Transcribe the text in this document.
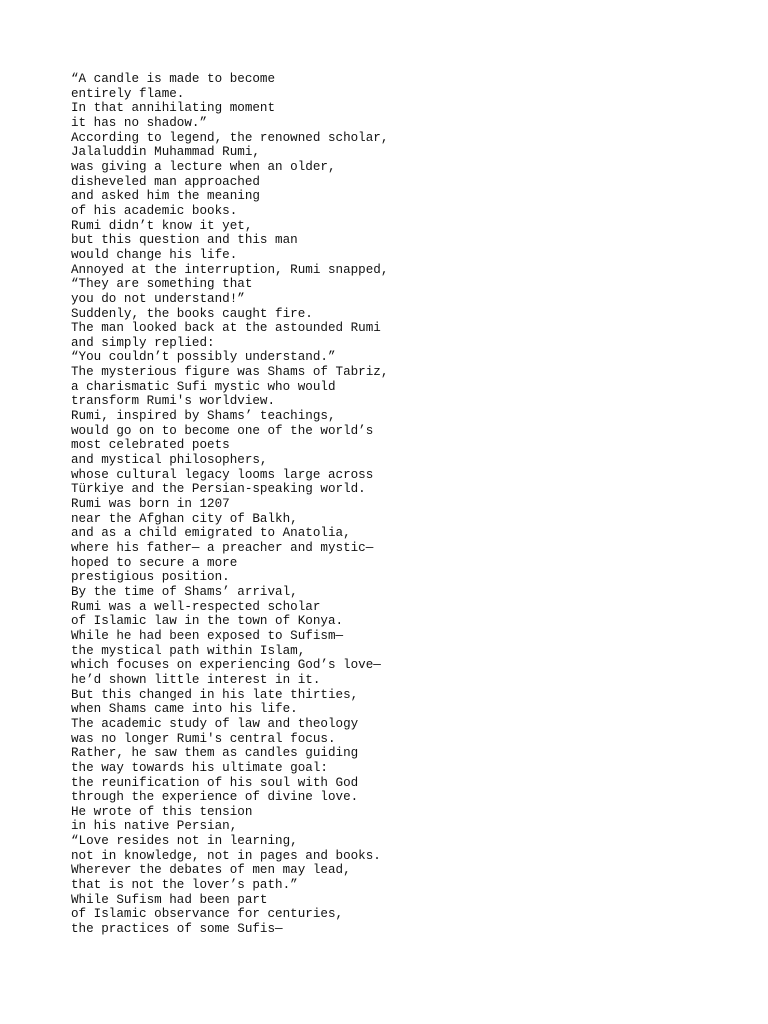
“A candle is made to become
entirely flame.
In that annihilating moment
it has no shadow.”
According to legend, the renowned scholar,
Jalaluddin Muhammad Rumi,
was giving a lecture when an older,
disheveled man approached
and asked him the meaning
of his academic books.
Rumi didn’t know it yet,
but this question and this man
would change his life.
Annoyed at the interruption, Rumi snapped,
“They are something that
you do not understand!”
Suddenly, the books caught fire.
The man looked back at the astounded Rumi
and simply replied:
“You couldn’t possibly understand.”
The mysterious figure was Shams of Tabriz,
a charismatic Sufi mystic who would
transform Rumi's worldview.
Rumi, inspired by Shams’ teachings,
would go on to become one of the world’s
most celebrated poets
and mystical philosophers,
whose cultural legacy looms large across
Türkiye and the Persian-speaking world.
Rumi was born in 1207
near the Afghan city of Balkh,
and as a child emigrated to Anatolia,
where his father— a preacher and mystic—
hoped to secure a more
prestigious position.
By the time of Shams’ arrival,
Rumi was a well-respected scholar
of Islamic law in the town of Konya.
While he had been exposed to Sufism—
the mystical path within Islam,
which focuses on experiencing God’s love—
he’d shown little interest in it.
But this changed in his late thirties,
when Shams came into his life.
The academic study of law and theology
was no longer Rumi's central focus.
Rather, he saw them as candles guiding
the way towards his ultimate goal:
the reunification of his soul with God
through the experience of divine love.
He wrote of this tension
in his native Persian,
“Love resides not in learning,
not in knowledge, not in pages and books.
Wherever the debates of men may lead,
that is not the lover’s path.”
While Sufism had been part
of Islamic observance for centuries,
the practices of some Sufis—
